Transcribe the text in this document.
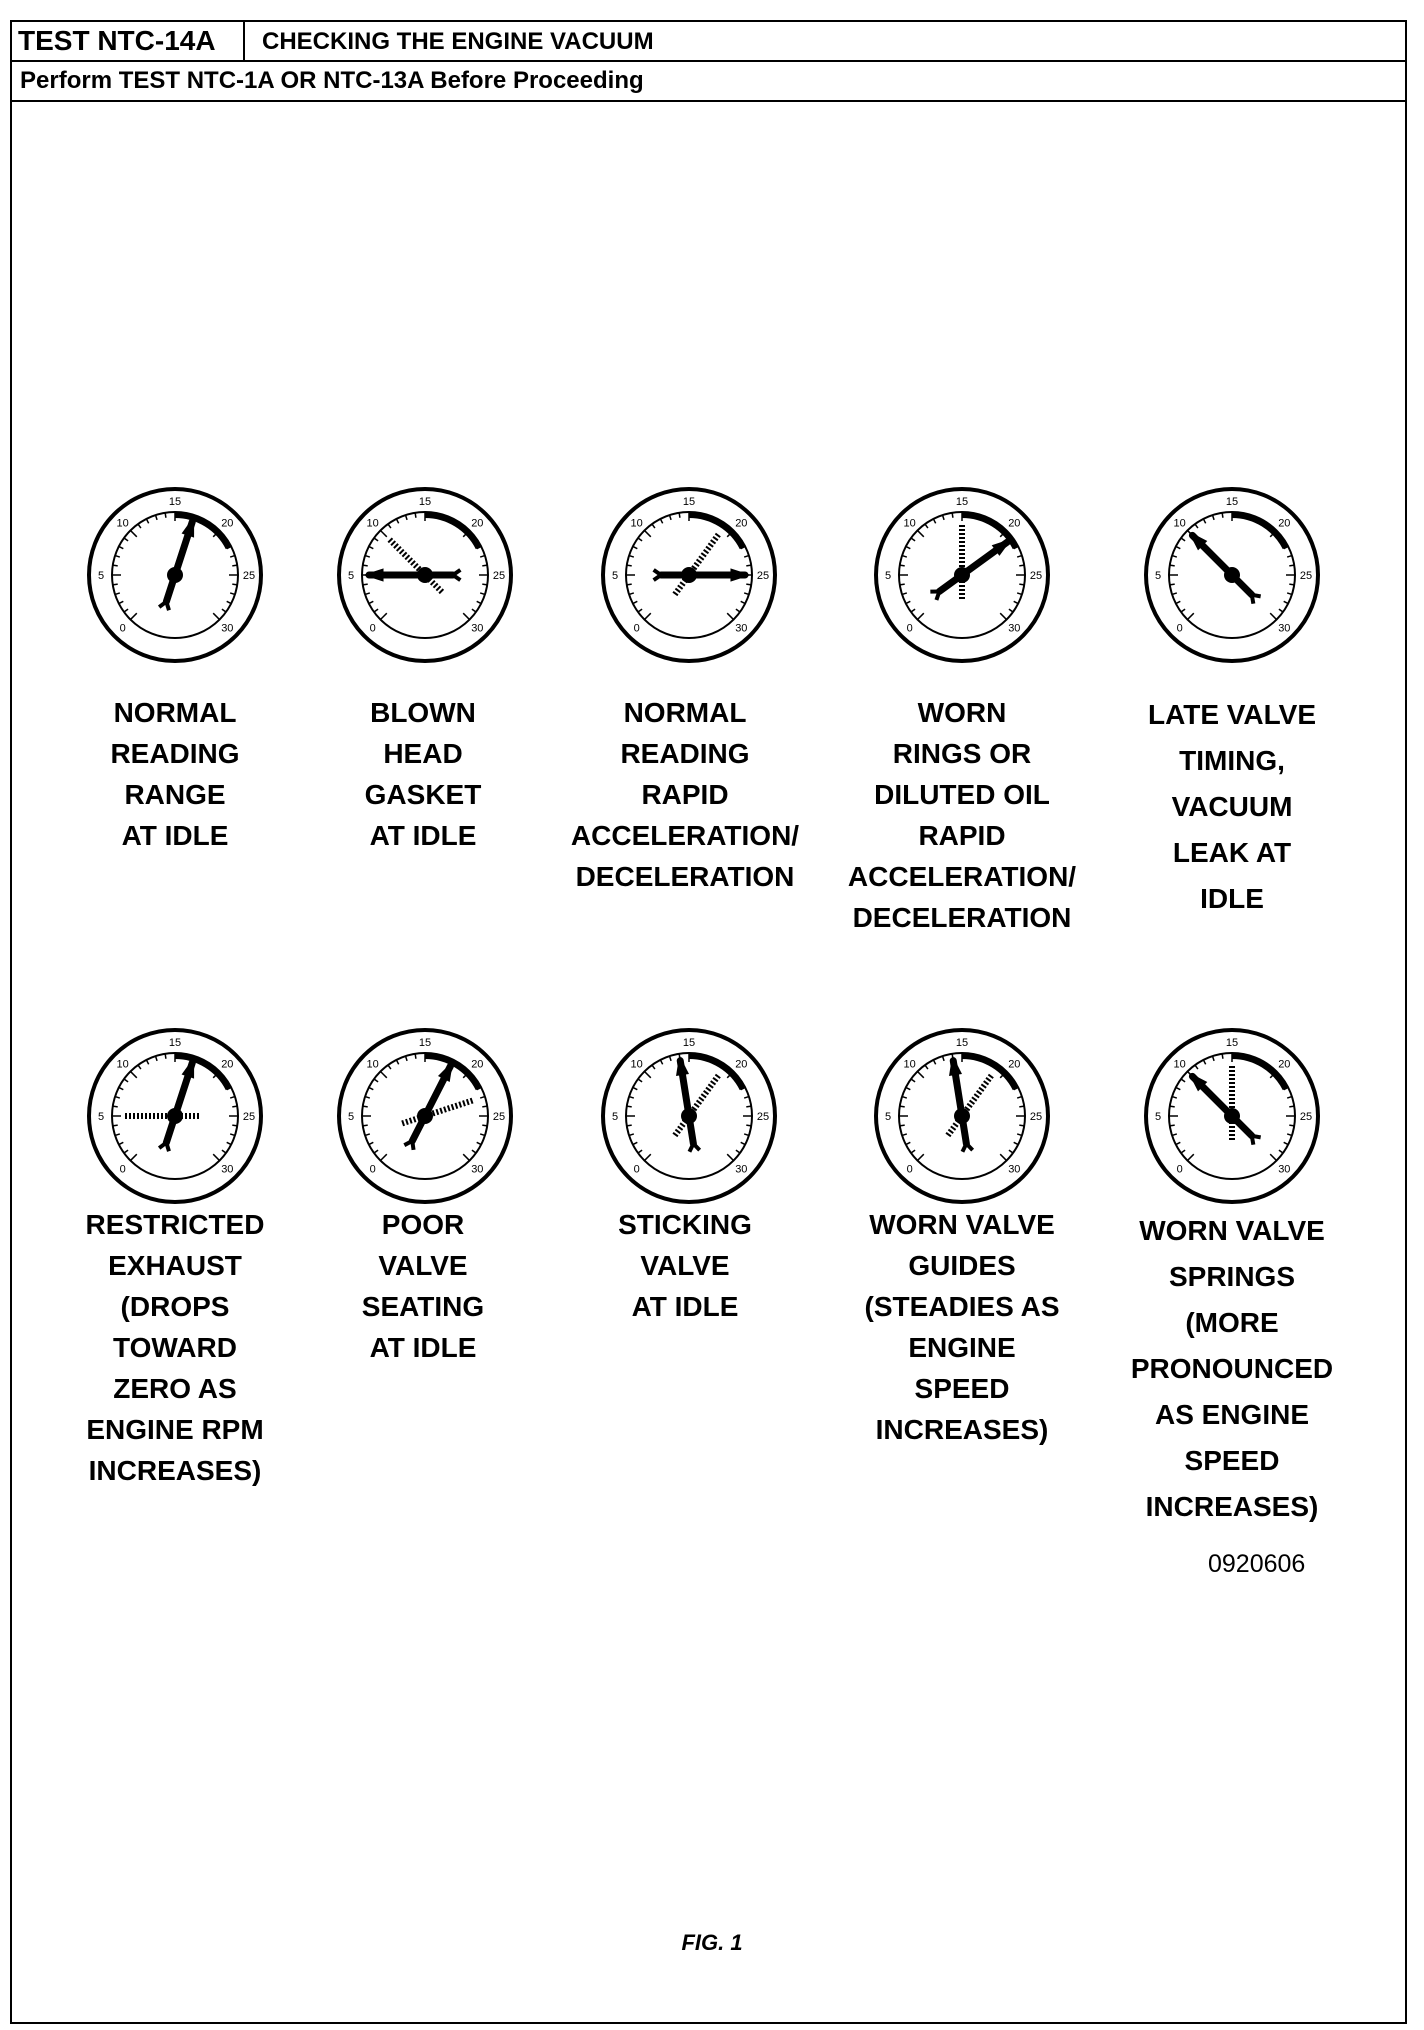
TEST NTC-14A	CHECKING THE ENGINE VACUUM
Perform TEST NTC-1A OR NTC-13A Before Proceeding
0
5
10
15
20
25
30	0
5
10
15
20
25
30	0
5
10
15
20
25
30	0
5
10
15
20
25
30	0
5
10
15
20
25
30
NORMAL
READING
RANGE
AT IDLE
BLOWN
HEAD
GASKET
AT IDLE
NORMAL
READING
RAPID
ACCELERATION/
DECELERATION
WORN
RINGS OR
DILUTED OIL
RAPID
ACCELERATION/
DECELERATION
LATE VALVE
TIMING,
VACUUM
LEAK AT
IDLE
0
5
10
15
20
25
30	0
5
10
15
20
25
30	0
5
10
15
20
25
30	0
5
10
15
20
25
30	0
5
10
15
20
25
30
RESTRICTED
EXHAUST
(DROPS
TOWARD
ZERO AS
ENGINE RPM
INCREASES)
POOR
VALVE
SEATING
AT IDLE
STICKING
VALVE
AT IDLE
WORN VALVE
GUIDES
(STEADIES AS
ENGINE
SPEED
INCREASES)
WORN VALVE
SPRINGS
(MORE
PRONOUNCED
AS ENGINE
SPEED
INCREASES)
0920606
FIG. 1
